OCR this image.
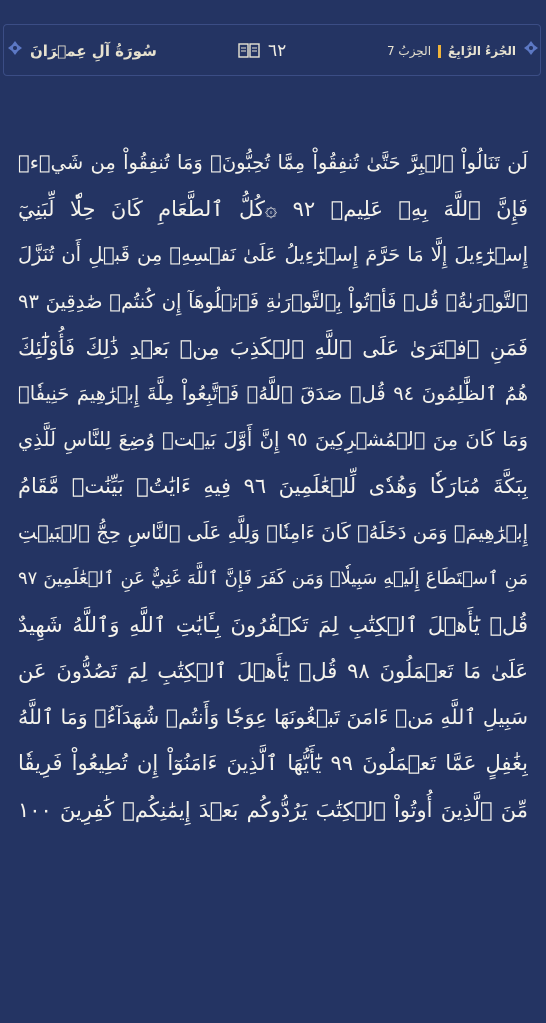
سُورَةُ آلِ عِمۡرَانَ	٦٢	الحِزبُ 7 الجُزءُ الرَّابِعُ
لَن تَنَالُواْ ٱلۡبِرَّ حَتَّىٰ تُنفِقُواْ مِمَّا تُحِبُّونَۚ وَمَا تُنفِقُواْ مِن شَيۡءٖ
فَإِنَّ ٱللَّهَ بِهِۦ عَلِيمٞ ٩٢ ۞كُلُّ ٱلطَّعَامِ كَانَ حِلّٗا لِّبَنِيٓ
إِسۡرَٰٓءِيلَ إِلَّا مَا حَرَّمَ إِسۡرَٰٓءِيلُ عَلَىٰ نَفۡسِهِۦ مِن قَبۡلِ أَن تُنَزَّلَ
ٱلتَّوۡرَىٰةُۚ قُلۡ فَأۡتُواْ بِٱلتَّوۡرَىٰةِ فَٱتۡلُوهَآ إِن كُنتُمۡ صَٰدِقِينَ ٩٣
فَمَنِ ٱفۡتَرَىٰ عَلَى ٱللَّهِ ٱلۡكَذِبَ مِنۢ بَعۡدِ ذَٰلِكَ فَأُوْلَٰٓئِكَ
هُمُ ٱلظَّٰلِمُونَ ٩٤ قُلۡ صَدَقَ ٱللَّهُۗ فَٱتَّبِعُواْ مِلَّةَ إِبۡرَٰهِيمَ حَنِيفٗاۖ
وَمَا كَانَ مِنَ ٱلۡمُشۡرِكِينَ ٩٥ إِنَّ أَوَّلَ بَيۡتٖ وُضِعَ لِلنَّاسِ لَلَّذِي
بِبَكَّةَ مُبَارَكٗا وَهُدٗى لِّلۡعَٰلَمِينَ ٩٦ فِيهِ ءَايَٰتُۢ بَيِّنَٰتٞ مَّقَامُ
إِبۡرَٰهِيمَۖ وَمَن دَخَلَهُۥ كَانَ ءَامِنٗاۗ وَلِلَّهِ عَلَى ٱلنَّاسِ حِجُّ ٱلۡبَيۡتِ
مَنِ ٱسۡتَطَاعَ إِلَيۡهِ سَبِيلٗاۚ وَمَن كَفَرَ فَإِنَّ ٱللَّهَ غَنِيٌّ عَنِ ٱلۡعَٰلَمِينَ ٩٧
قُلۡ يَٰٓأَهۡلَ ٱلۡكِتَٰبِ لِمَ تَكۡفُرُونَ بِـَٔايَٰتِ ٱللَّهِ وَٱللَّهُ شَهِيدٌ
عَلَىٰ مَا تَعۡمَلُونَ ٩٨ قُلۡ يَٰٓأَهۡلَ ٱلۡكِتَٰبِ لِمَ تَصُدُّونَ عَن
سَبِيلِ ٱللَّهِ مَنۡ ءَامَنَ تَبۡغُونَهَا عِوَجٗا وَأَنتُمۡ شُهَدَآءُۗ وَمَا ٱللَّهُ
بِغَٰفِلٍ عَمَّا تَعۡمَلُونَ ٩٩ يَٰٓأَيُّهَا ٱلَّذِينَ ءَامَنُوٓاْ إِن تُطِيعُواْ فَرِيقٗا
مِّنَ ٱلَّذِينَ أُوتُواْ ٱلۡكِتَٰبَ يَرُدُّوكُم بَعۡدَ إِيمَٰنِكُمۡ كَٰفِرِينَ ١٠٠
